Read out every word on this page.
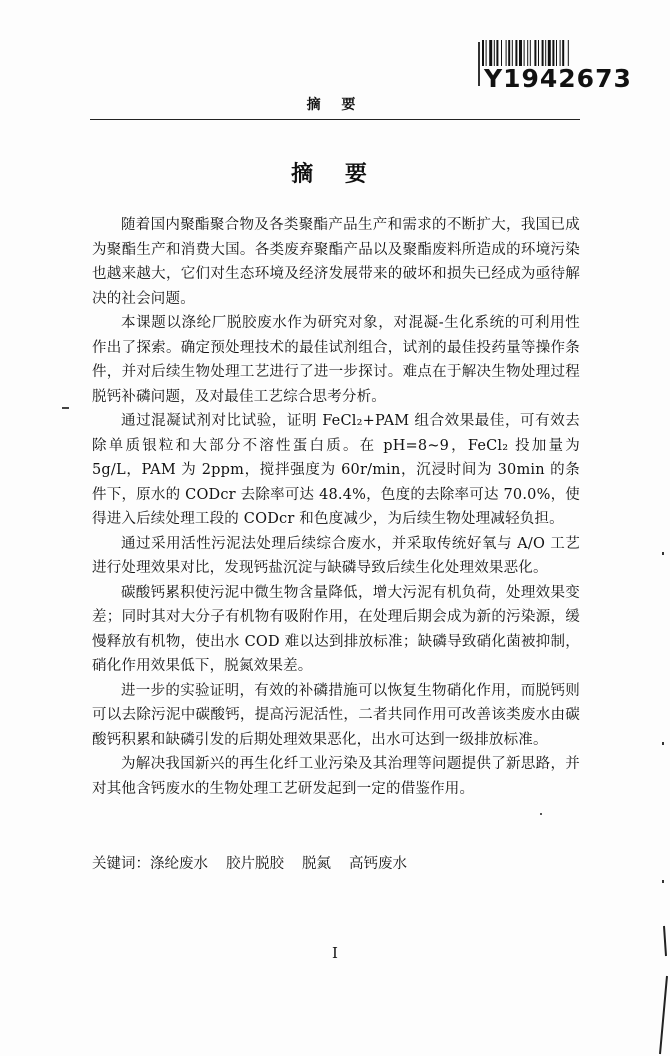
Y1942673
摘 要
摘 要

随着国内聚酯聚合物及各类聚酯产品生产和需求的不断扩大，我国已成为聚酯生产和消费大国。各类废弃聚酯产品以及聚酯废料所造成的环境污染也越来越大，它们对生态环境及经济发展带来的破坏和损失已经成为亟待解决的社会问题。

本课题以涤纶厂脱胶废水作为研究对象，对混凝-生化系统的可利用性作出了探索。确定预处理技术的最佳试剂组合，试剂的最佳投药量等操作条件，并对后续生物处理工艺进行了进一步探讨。难点在于解决生物处理过程脱钙补磷问题，及对最佳工艺综合思考分析。

通过混凝试剂对比试验，证明 FeCl₂+PAM 组合效果最佳，可有效去除单质银粒和大部分不溶性蛋白质。在 pH=8~9，FeCl₂ 投加量为 5g/L，PAM 为 2ppm，搅拌强度为 60r/min，沉浸时间为 30min 的条件下，原水的 CODcr 去除率可达 48.4%，色度的去除率可达 70.0%，使得进入后续处理工段的 CODcr 和色度减少，为后续生物处理减轻负担。

通过采用活性污泥法处理后续综合废水，并采取传统好氧与 A/O 工艺进行处理效果对比，发现钙盐沉淀与缺磷导致后续生化处理效果恶化。

碳酸钙累积使污泥中微生物含量降低，增大污泥有机负荷，处理效果变差；同时其对大分子有机物有吸附作用，在处理后期会成为新的污染源，缓慢释放有机物，使出水 COD 难以达到排放标准；缺磷导致硝化菌被抑制，硝化作用效果低下，脱氮效果差。

进一步的实验证明，有效的补磷措施可以恢复生物硝化作用，而脱钙则可以去除污泥中碳酸钙，提高污泥活性，二者共同作用可改善该类废水由碳酸钙积累和缺磷引发的后期处理效果恶化，出水可达到一级排放标准。

为解决我国新兴的再生化纤工业污染及其治理等问题提供了新思路，并对其他含钙废水的生物处理工艺研发起到一定的借鉴作用。

关键词：涤纶废水 胶片脱胶 脱氮 高钙废水
I
